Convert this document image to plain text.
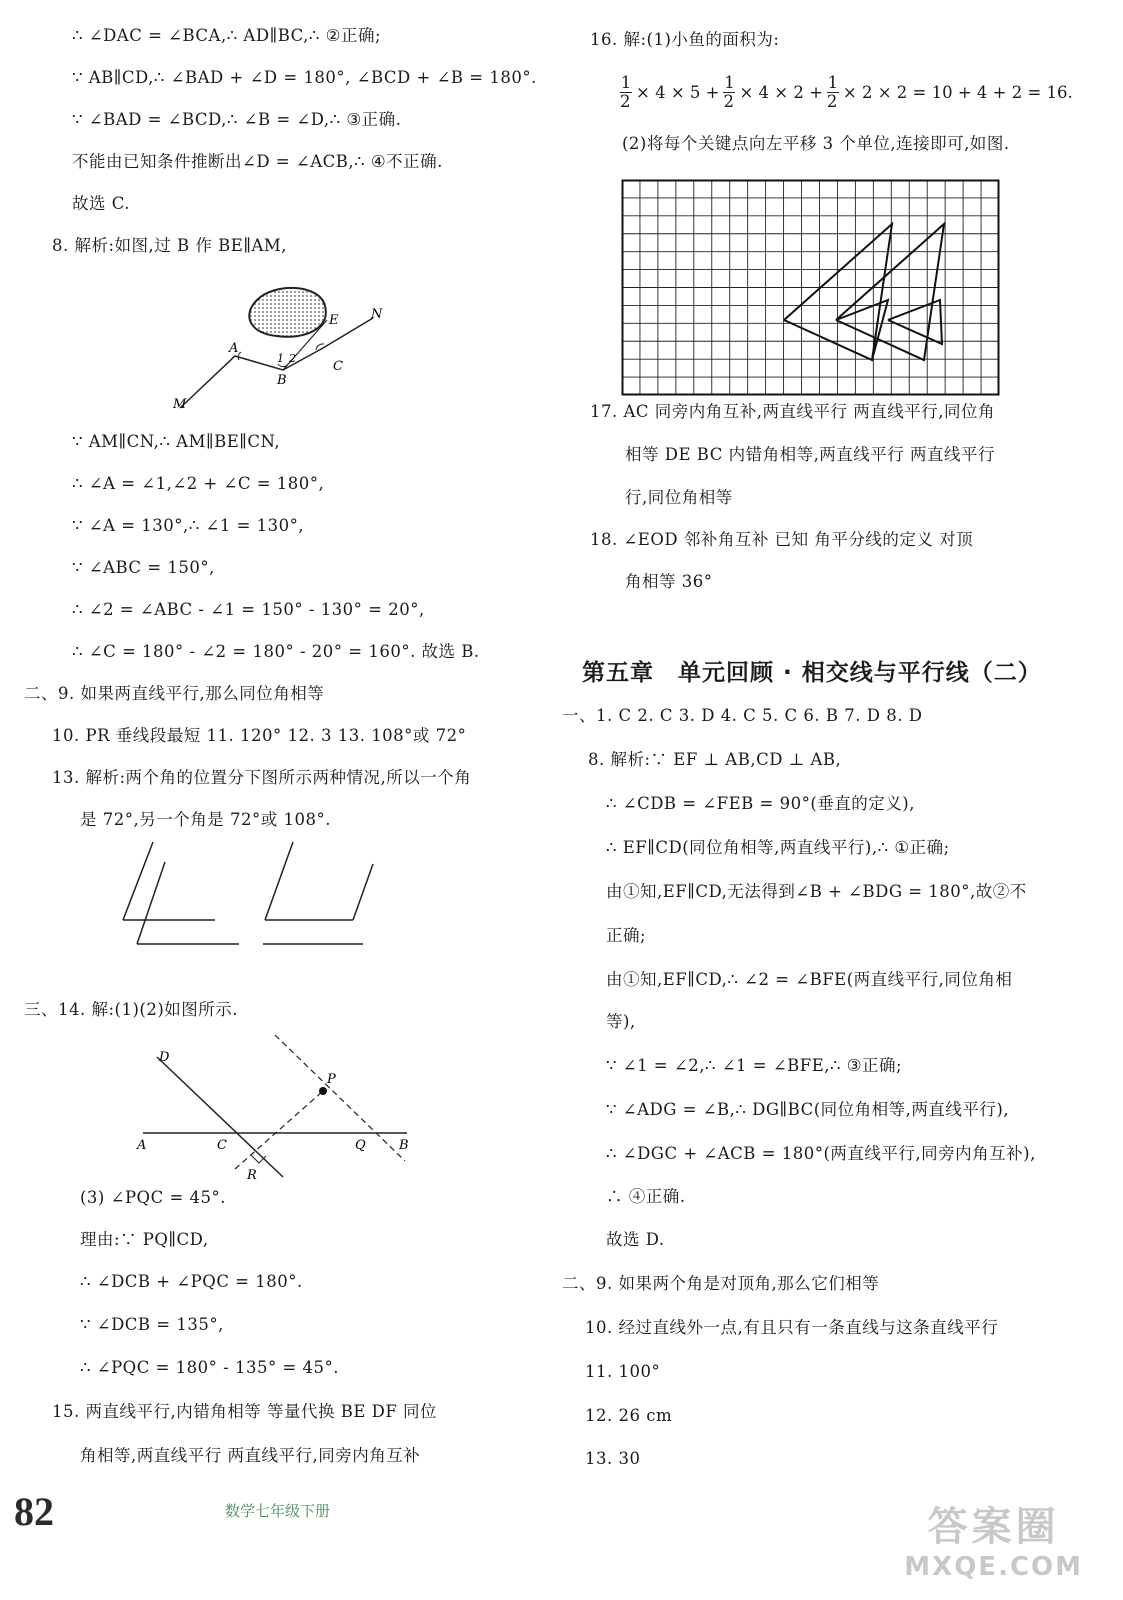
∴ ∠DAC = ∠BCA,∴ AD∥BC,∴ ②正确;
∵ AB∥CD,∴ ∠BAD + ∠D = 180°, ∠BCD + ∠B = 180°.
∵ ∠BAD = ∠BCD,∴ ∠B = ∠D,∴ ③正确.
不能由已知条件推断出∠D = ∠ACB,∴ ④不正确.
故选 C.
8. 解析:如图,过 B 作 BE∥AM,
A
B
C
E	N
M
1 2
∵ AM∥CN,∴ AM∥BE∥CN,
∴ ∠A = ∠1,∠2 + ∠C = 180°,
∵ ∠A = 130°,∴ ∠1 = 130°,
∵ ∠ABC = 150°,
∴ ∠2 = ∠ABC - ∠1 = 150° - 130° = 20°,
∴ ∠C = 180° - ∠2 = 180° - 20° = 160°. 故选 B.
二、9. 如果两直线平行,那么同位角相等
10. PR 垂线段最短 11. 120° 12. 3 13. 108°或 72°
13. 解析:两个角的位置分下图所示两种情况,所以一个角
是 72°,另一个角是 72°或 108°.
三、14. 解:(1)(2)如图所示.
D
P
A	C	Q	B
R
(3) ∠PQC = 45°.
理由:∵ PQ∥CD,
∴ ∠DCB + ∠PQC = 180°.
∵ ∠DCB = 135°,
∴ ∠PQC = 180° - 135° = 45°.
15. 两直线平行,内错角相等 等量代换 BE DF 同位
角相等,两直线平行 两直线平行,同旁内角互补
16. 解:(1)小鱼的面积为:
$\frac{1}{2} \times 4 \times 5 + \frac{1}{2} \times 4 \times 2 + \frac{1}{2} \times 2 \times 2 = 10 + 4 + 2 = 16$.
(2)将每个关键点向左平移 3 个单位,连接即可,如图.
17. AC 同旁内角互补,两直线平行 两直线平行,同位角
相等 DE BC 内错角相等,两直线平行 两直线平行
行,同位角相等
18. ∠EOD 邻补角互补 已知 角平分线的定义 对顶
角相等 36°
第五章　单元回顾 · 相交线与平行线（二）
一、1. C 2. C 3. D 4. C 5. C 6. B 7. D 8. D
8. 解析:∵ EF ⊥ AB,CD ⊥ AB,
∴ ∠CDB = ∠FEB = 90°(垂直的定义),
∴ EF∥CD(同位角相等,两直线平行),∴ ①正确;
由①知,EF∥CD,无法得到∠B + ∠BDG = 180°,故②不
正确;
由①知,EF∥CD,∴ ∠2 = ∠BFE(两直线平行,同位角相
等),
∵ ∠1 = ∠2,∴ ∠1 = ∠BFE,∴ ③正确;
∵ ∠ADG = ∠B,∴ DG∥BC(同位角相等,两直线平行),
∴ ∠DGC + ∠ACB = 180°(两直线平行,同旁内角互补),
∴ ④正确.
故选 D.
二、9. 如果两个角是对顶角,那么它们相等
10. 经过直线外一点,有且只有一条直线与这条直线平行
11. 100°
12. 26 cm
13. 30
82	数学七年级下册	答案圈
MXQE.COM
